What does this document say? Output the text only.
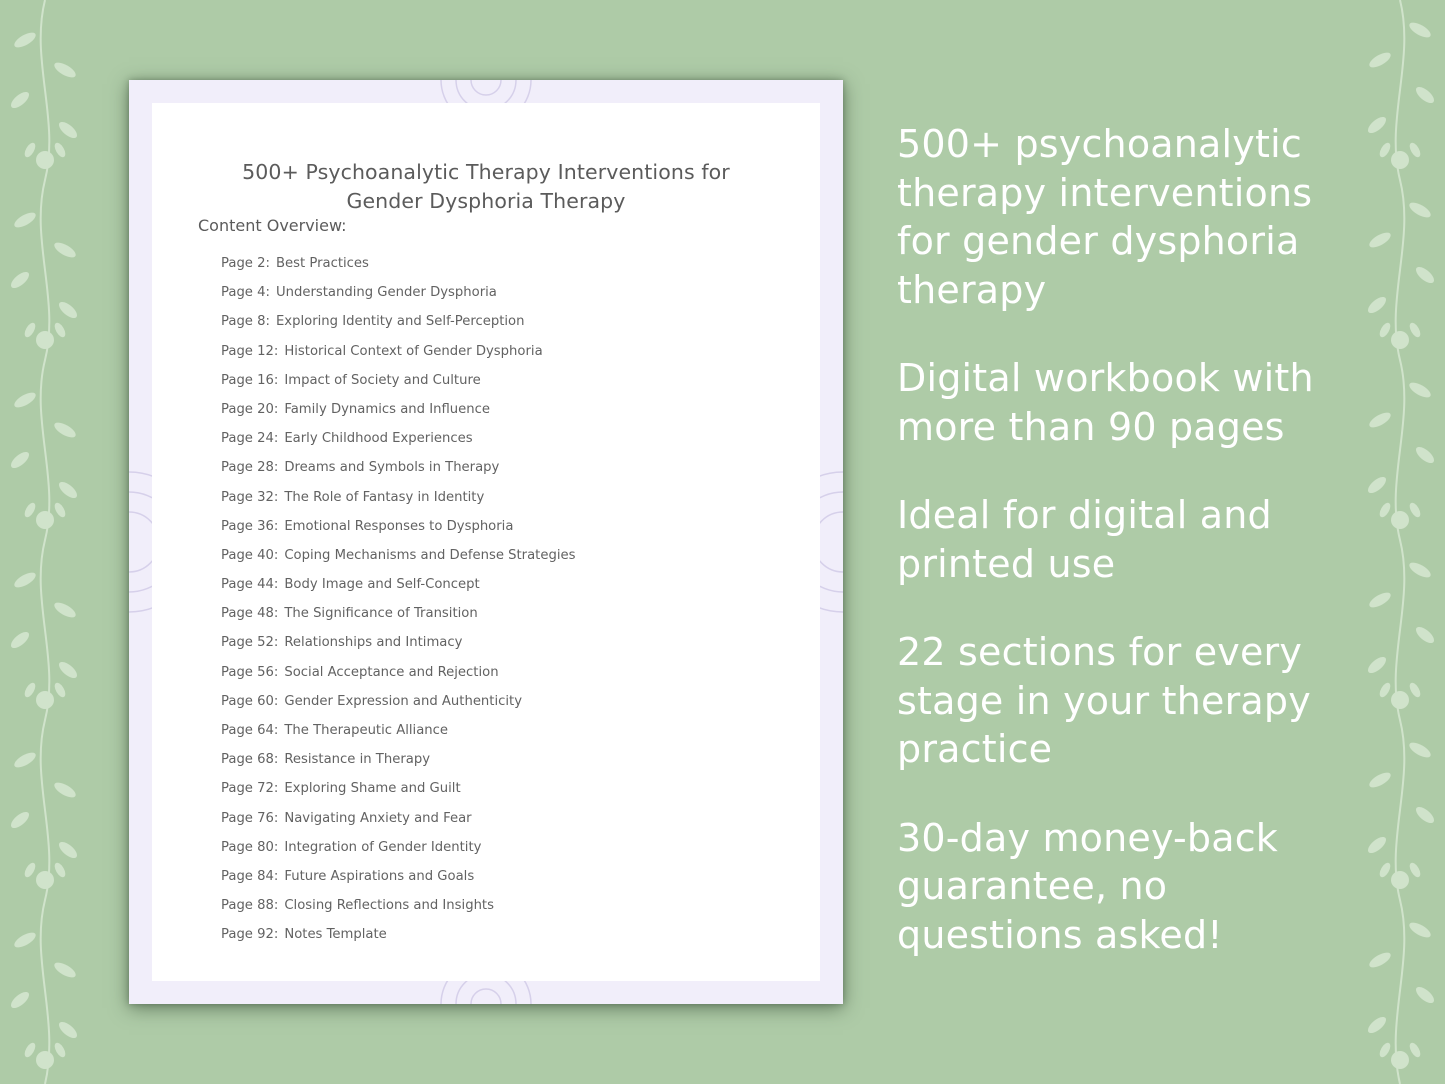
500+ Psychoanalytic Therapy Interventions for
Gender Dysphoria Therapy
Content Overview:
Page 2: Best Practices
Page 4: Understanding Gender Dysphoria
Page 8: Exploring Identity and Self-Perception
Page 12: Historical Context of Gender Dysphoria
Page 16: Impact of Society and Culture
Page 20: Family Dynamics and Influence
Page 24: Early Childhood Experiences
Page 28: Dreams and Symbols in Therapy
Page 32: The Role of Fantasy in Identity
Page 36: Emotional Responses to Dysphoria
Page 40: Coping Mechanisms and Defense Strategies
Page 44: Body Image and Self-Concept
Page 48: The Significance of Transition
Page 52: Relationships and Intimacy
Page 56: Social Acceptance and Rejection
Page 60: Gender Expression and Authenticity
Page 64: The Therapeutic Alliance
Page 68: Resistance in Therapy
Page 72: Exploring Shame and Guilt
Page 76: Navigating Anxiety and Fear
Page 80: Integration of Gender Identity
Page 84: Future Aspirations and Goals
Page 88: Closing Reflections and Insights
Page 92: Notes Template
500+ psychoanalytic
therapy interventions
for gender dysphoria
therapy
Digital workbook with
more than 90 pages
Ideal for digital and
printed use
22 sections for every
stage in your therapy
practice
30-day money-back
guarantee, no
questions asked!
